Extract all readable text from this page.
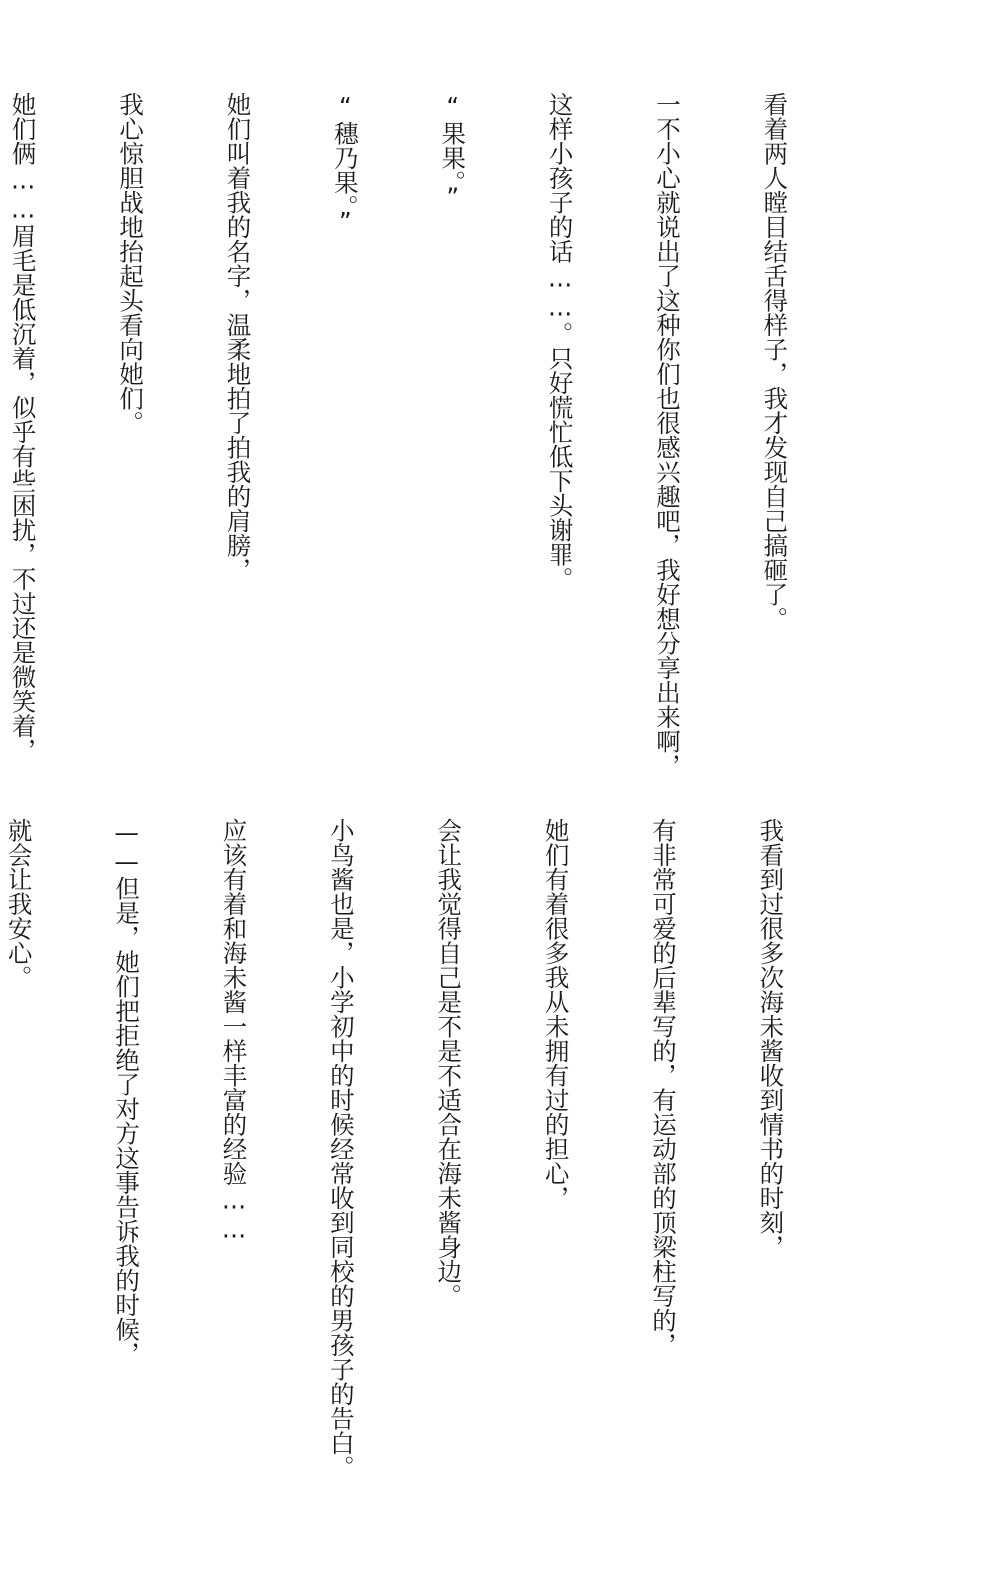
看着两人瞠目结舌得样子，我才发现自己搞砸了。

一不小心就说出了这种你们也很感兴趣吧，我好想分享出来啊，

这样小孩子的话……。只好慌忙低下头谢罪。

“果果。”

“穗乃果。”

她们叫着我的名字，温柔地拍了拍我的肩膀，

我心惊胆战地抬起头看向她们。

她们俩……眉毛是低沉着，似乎有些困扰，不过还是微笑着，

我看到过很多次海未酱收到情书的时刻，

有非常可爱的后辈写的，有运动部的顶梁柱写的，

她们有着很多我从未拥有过的担心，

会让我觉得自己是不是不适合在海未酱身边。

小鸟酱也是，小学初中的时候经常收到同校的男孩子的告白。

应该有着和海未酱一样丰富的经验……

——但是，她们把拒绝了对方这事告诉我的时候，

就会让我安心。
